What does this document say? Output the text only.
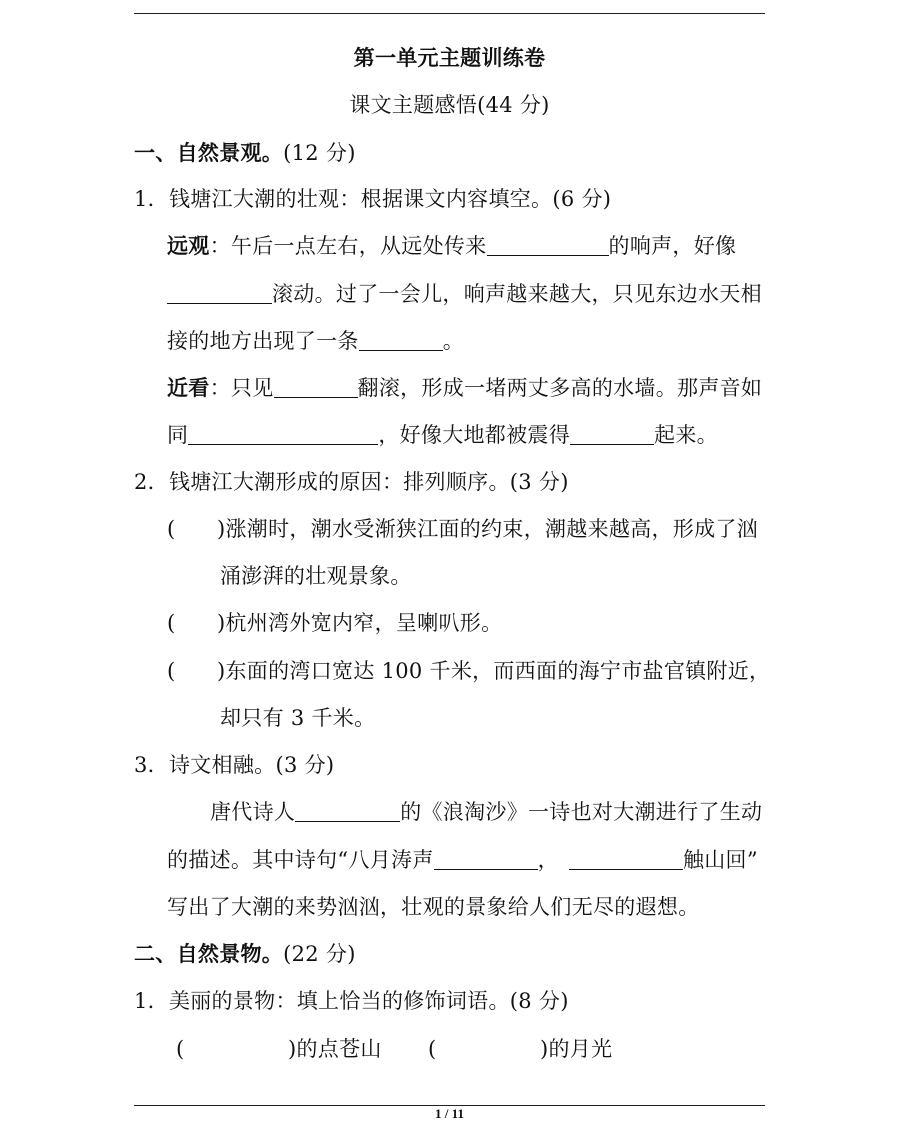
第一单元主题训练卷
课文主题感悟(44 分)
一、自然景观。(12 分)
1．钱塘江大潮的壮观：根据课文内容填空。(6 分)
远观：午后一点左右，从远处传来	的响声，好像
滚动。过了一会儿，响声越来越大，只见东边水天相
接的地方出现了一条	。
近看：只见	翻滚，形成一堵两丈多高的水墙。那声音如
同	，好像大地都被震得	起来。
2．钱塘江大潮形成的原因：排列顺序。(3 分)
( )涨潮时，潮水受渐狭江面的约束，潮越来越高，形成了汹
涌澎湃的壮观景象。
( )杭州湾外宽内窄，呈喇叭形。
( )东面的湾口宽达 100 千米，而西面的海宁市盐官镇附近，
却只有 3 千米。
3．诗文相融。(3 分)
唐代诗人	的《浪淘沙》一诗也对大潮进行了生动
的描述。其中诗句“八月涛声	，	触山回”
写出了大潮的来势汹汹，壮观的景象给人们无尽的遐想。
二、自然景物。(22 分)
1．美丽的景物：填上恰当的修饰词语。(8 分)
(	)的点苍山 (	)的月光
1 / 11
